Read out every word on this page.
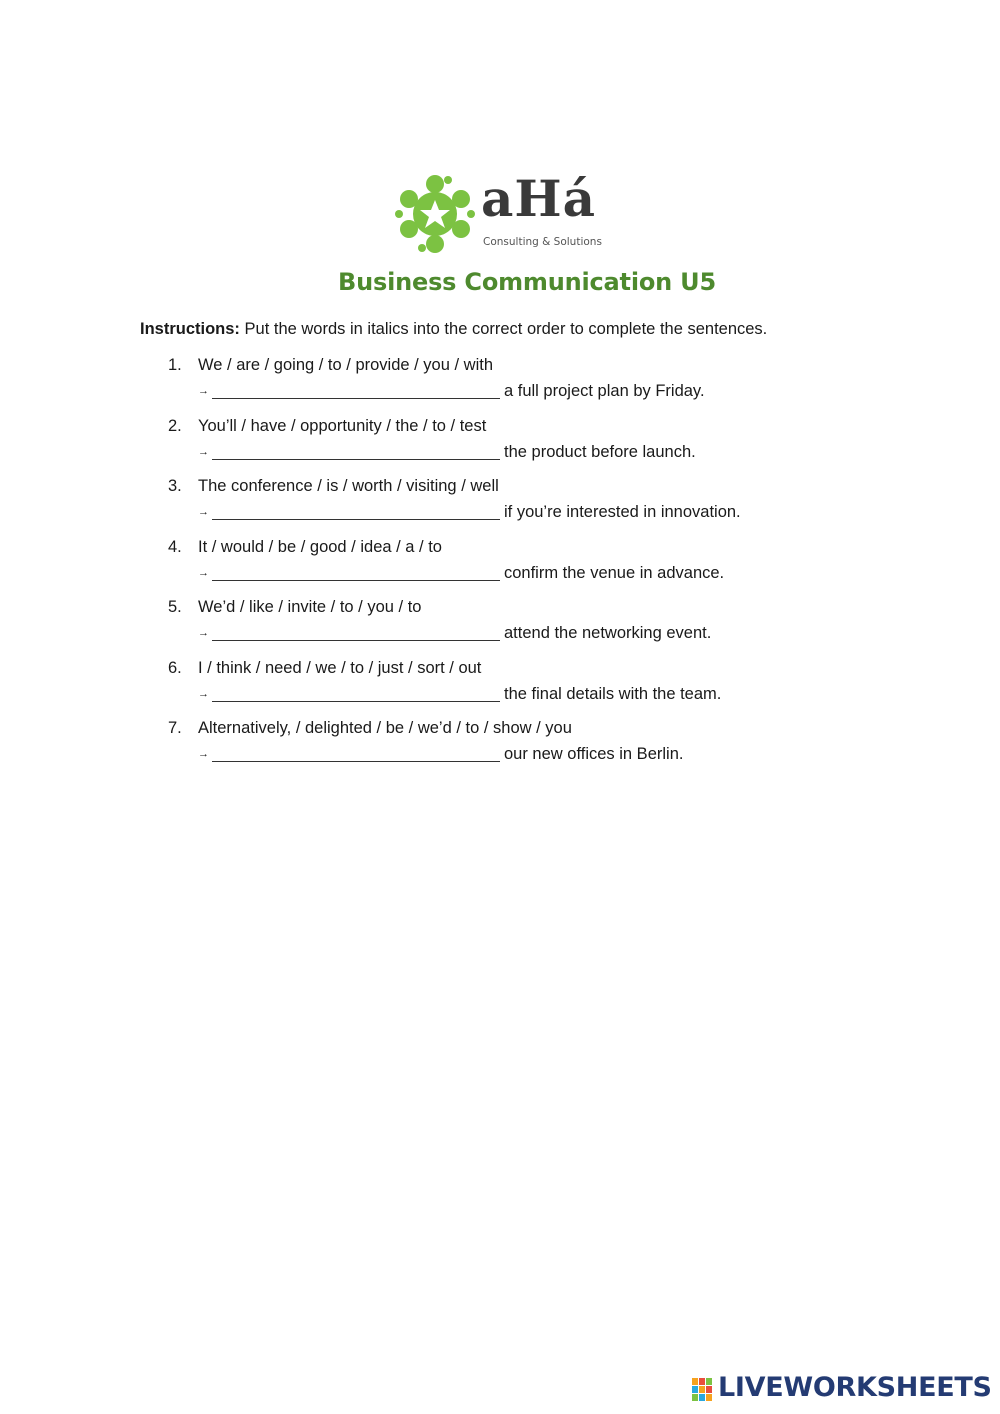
aHá
Consulting & Solutions
Business Communication U5
Instructions: Put the words in italics into the correct order to complete the sentences.
1. We / are / going / to / provide / you / with
→	a full project plan by Friday.
2. You’ll / have / opportunity / the / to / test
→	the product before launch.
3. The conference / is / worth / visiting / well
→	if you’re interested in innovation.
4. It / would / be / good / idea / a / to
→	confirm the venue in advance.
5. We’d / like / invite / to / you / to
→	attend the networking event.
6. I / think / need / we / to / just / sort / out
→	the final details with the team.
7. Alternatively, / delighted / be / we’d / to / show / you
→	our new offices in Berlin.
LIVEWORKSHEETS
